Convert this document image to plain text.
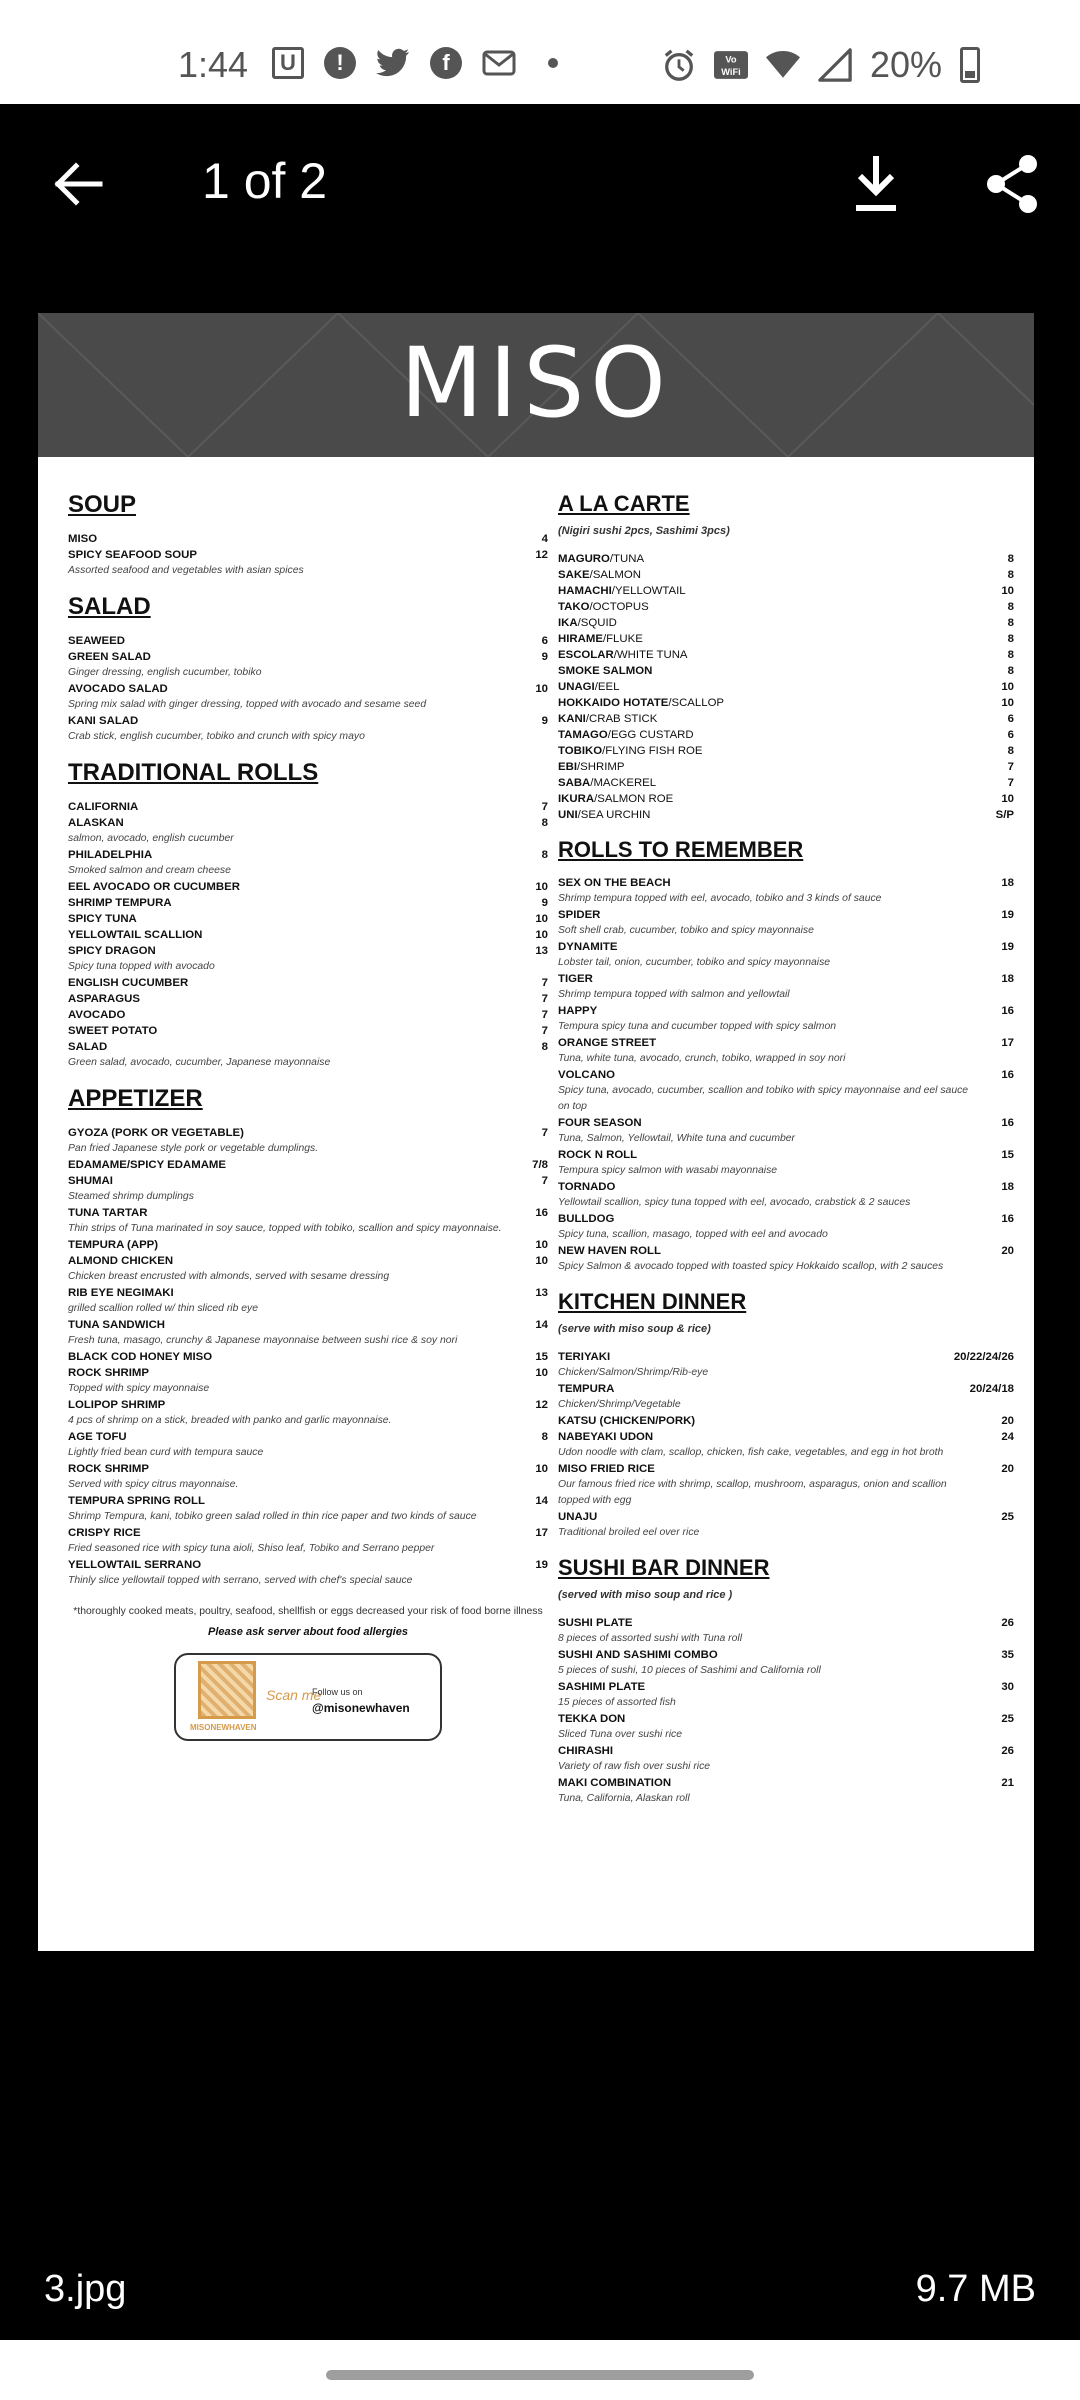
1:44	U	!	f	Vo
WiFi	20%
1 of 2
MISO
SOUP
MISO	4
SPICY SEAFOOD SOUP	12
Assorted seafood and vegetables with asian spices
SALAD
SEAWEED	6
GREEN SALAD	9
Ginger dressing, english cucumber, tobiko
AVOCADO SALAD	10
Spring mix salad with ginger dressing, topped with avocado and sesame seed
KANI SALAD	9
Crab stick, english cucumber, tobiko and crunch with spicy mayo
TRADITIONAL ROLLS
CALIFORNIA	7
ALASKAN	8
salmon, avocado, english cucumber
PHILADELPHIA	8
Smoked salmon and cream cheese
EEL AVOCADO OR CUCUMBER	10
SHRIMP TEMPURA	9
SPICY TUNA	10
YELLOWTAIL SCALLION	10
SPICY DRAGON	13
Spicy tuna topped with avocado
ENGLISH CUCUMBER	7
ASPARAGUS	7
AVOCADO	7
SWEET POTATO	7
SALAD	8
Green salad, avocado, cucumber, Japanese mayonnaise
APPETIZER
GYOZA (PORK OR VEGETABLE)	7
Pan fried Japanese style pork or vegetable dumplings.
EDAMAME/SPICY EDAMAME	7/8
SHUMAI	7
Steamed shrimp dumplings
TUNA TARTAR	16
Thin strips of Tuna marinated in soy sauce, topped with tobiko, scallion and spicy mayonnaise.
TEMPURA (APP)	10
ALMOND CHICKEN	10
Chicken breast encrusted with almonds, served with sesame dressing
RIB EYE NEGIMAKI	13
grilled scallion rolled w/ thin sliced rib eye
TUNA SANDWICH	14
Fresh tuna, masago, crunchy & Japanese mayonnaise between sushi rice & soy nori
BLACK COD HONEY MISO	15
ROCK SHRIMP	10
Topped with spicy mayonnaise
LOLIPOP SHRIMP	12
4 pcs of shrimp on a stick, breaded with panko and garlic mayonnaise.
AGE TOFU	8
Lightly fried bean curd with tempura sauce
ROCK SHRIMP	10
Served with spicy citrus mayonnaise.
TEMPURA SPRING ROLL	14
Shrimp Tempura, kani, tobiko green salad rolled in thin rice paper and two kinds of sauce
CRISPY RICE	17
Fried seasoned rice with spicy tuna aioli, Shiso leaf, Tobiko and Serrano pepper
YELLOWTAIL SERRANO	19
Thinly slice yellowtail topped with serrano, served with chef's special sauce
*thoroughly cooked meats, poultry, seafood, shellfish or eggs decreased your risk of food borne illness
Please ask server about food allergies
MISONEWHAVEN
Scan me
Follow us on
@misonewhaven
A LA CARTE
(Nigiri sushi 2pcs, Sashimi 3pcs)
MAGURO/TUNA	8
SAKE/SALMON	8
HAMACHI/YELLOWTAIL	10
TAKO/OCTOPUS	8
IKA/SQUID	8
HIRAME/FLUKE	8
ESCOLAR/WHITE TUNA	8
SMOKE SALMON	8
UNAGI/EEL	10
HOKKAIDO HOTATE/SCALLOP	10
KANI/CRAB STICK	6
TAMAGO/EGG CUSTARD	6
TOBIKO/FLYING FISH ROE	8
EBI/SHRIMP	7
SABA/MACKEREL	7
IKURA/SALMON ROE	10
UNI/SEA URCHIN	S/P
ROLLS TO REMEMBER
SEX ON THE BEACH	18
Shrimp tempura topped with eel, avocado, tobiko and 3 kinds of sauce
SPIDER	19
Soft shell crab, cucumber, tobiko and spicy mayonnaise
DYNAMITE	19
Lobster tail, onion, cucumber, tobiko and spicy mayonnaise
TIGER	18
Shrimp tempura topped with salmon and yellowtail
HAPPY	16
Tempura spicy tuna and cucumber topped with spicy salmon
ORANGE STREET	17
Tuna, white tuna, avocado, crunch, tobiko, wrapped in soy nori
VOLCANO	16
Spicy tuna, avocado, cucumber, scallion and tobiko with spicy mayonnaise and eel sauce on top
FOUR SEASON	16
Tuna, Salmon, Yellowtail, White tuna and cucumber
ROCK N ROLL	15
Tempura spicy salmon with wasabi mayonnaise
TORNADO	18
Yellowtail scallion, spicy tuna topped with eel, avocado, crabstick & 2 sauces
BULLDOG	16
Spicy tuna, scallion, masago, topped with eel and avocado
NEW HAVEN ROLL	20
Spicy Salmon & avocado topped with toasted spicy Hokkaido scallop, with 2 sauces
KITCHEN DINNER
(serve with miso soup & rice)
TERIYAKI	20/22/24/26
Chicken/Salmon/Shrimp/Rib-eye
TEMPURA	20/24/18
Chicken/Shrimp/Vegetable
KATSU (CHICKEN/PORK)	20
NABEYAKI UDON	24
Udon noodle with clam, scallop, chicken, fish cake, vegetables, and egg in hot broth
MISO FRIED RICE	20
Our famous fried rice with shrimp, scallop, mushroom, asparagus, onion and scallion topped with egg
UNAJU	25
Traditional broiled eel over rice
SUSHI BAR DINNER
(served with miso soup and rice )
SUSHI PLATE	26
8 pieces of assorted sushi with Tuna roll
SUSHI AND SASHIMI COMBO	35
5 pieces of sushi, 10 pieces of Sashimi and California roll
SASHIMI PLATE	30
15 pieces of assorted fish
TEKKA DON	25
Sliced Tuna over sushi rice
CHIRASHI	26
Variety of raw fish over sushi rice
MAKI COMBINATION	21
Tuna, California, Alaskan roll
3.jpg	9.7 MB
